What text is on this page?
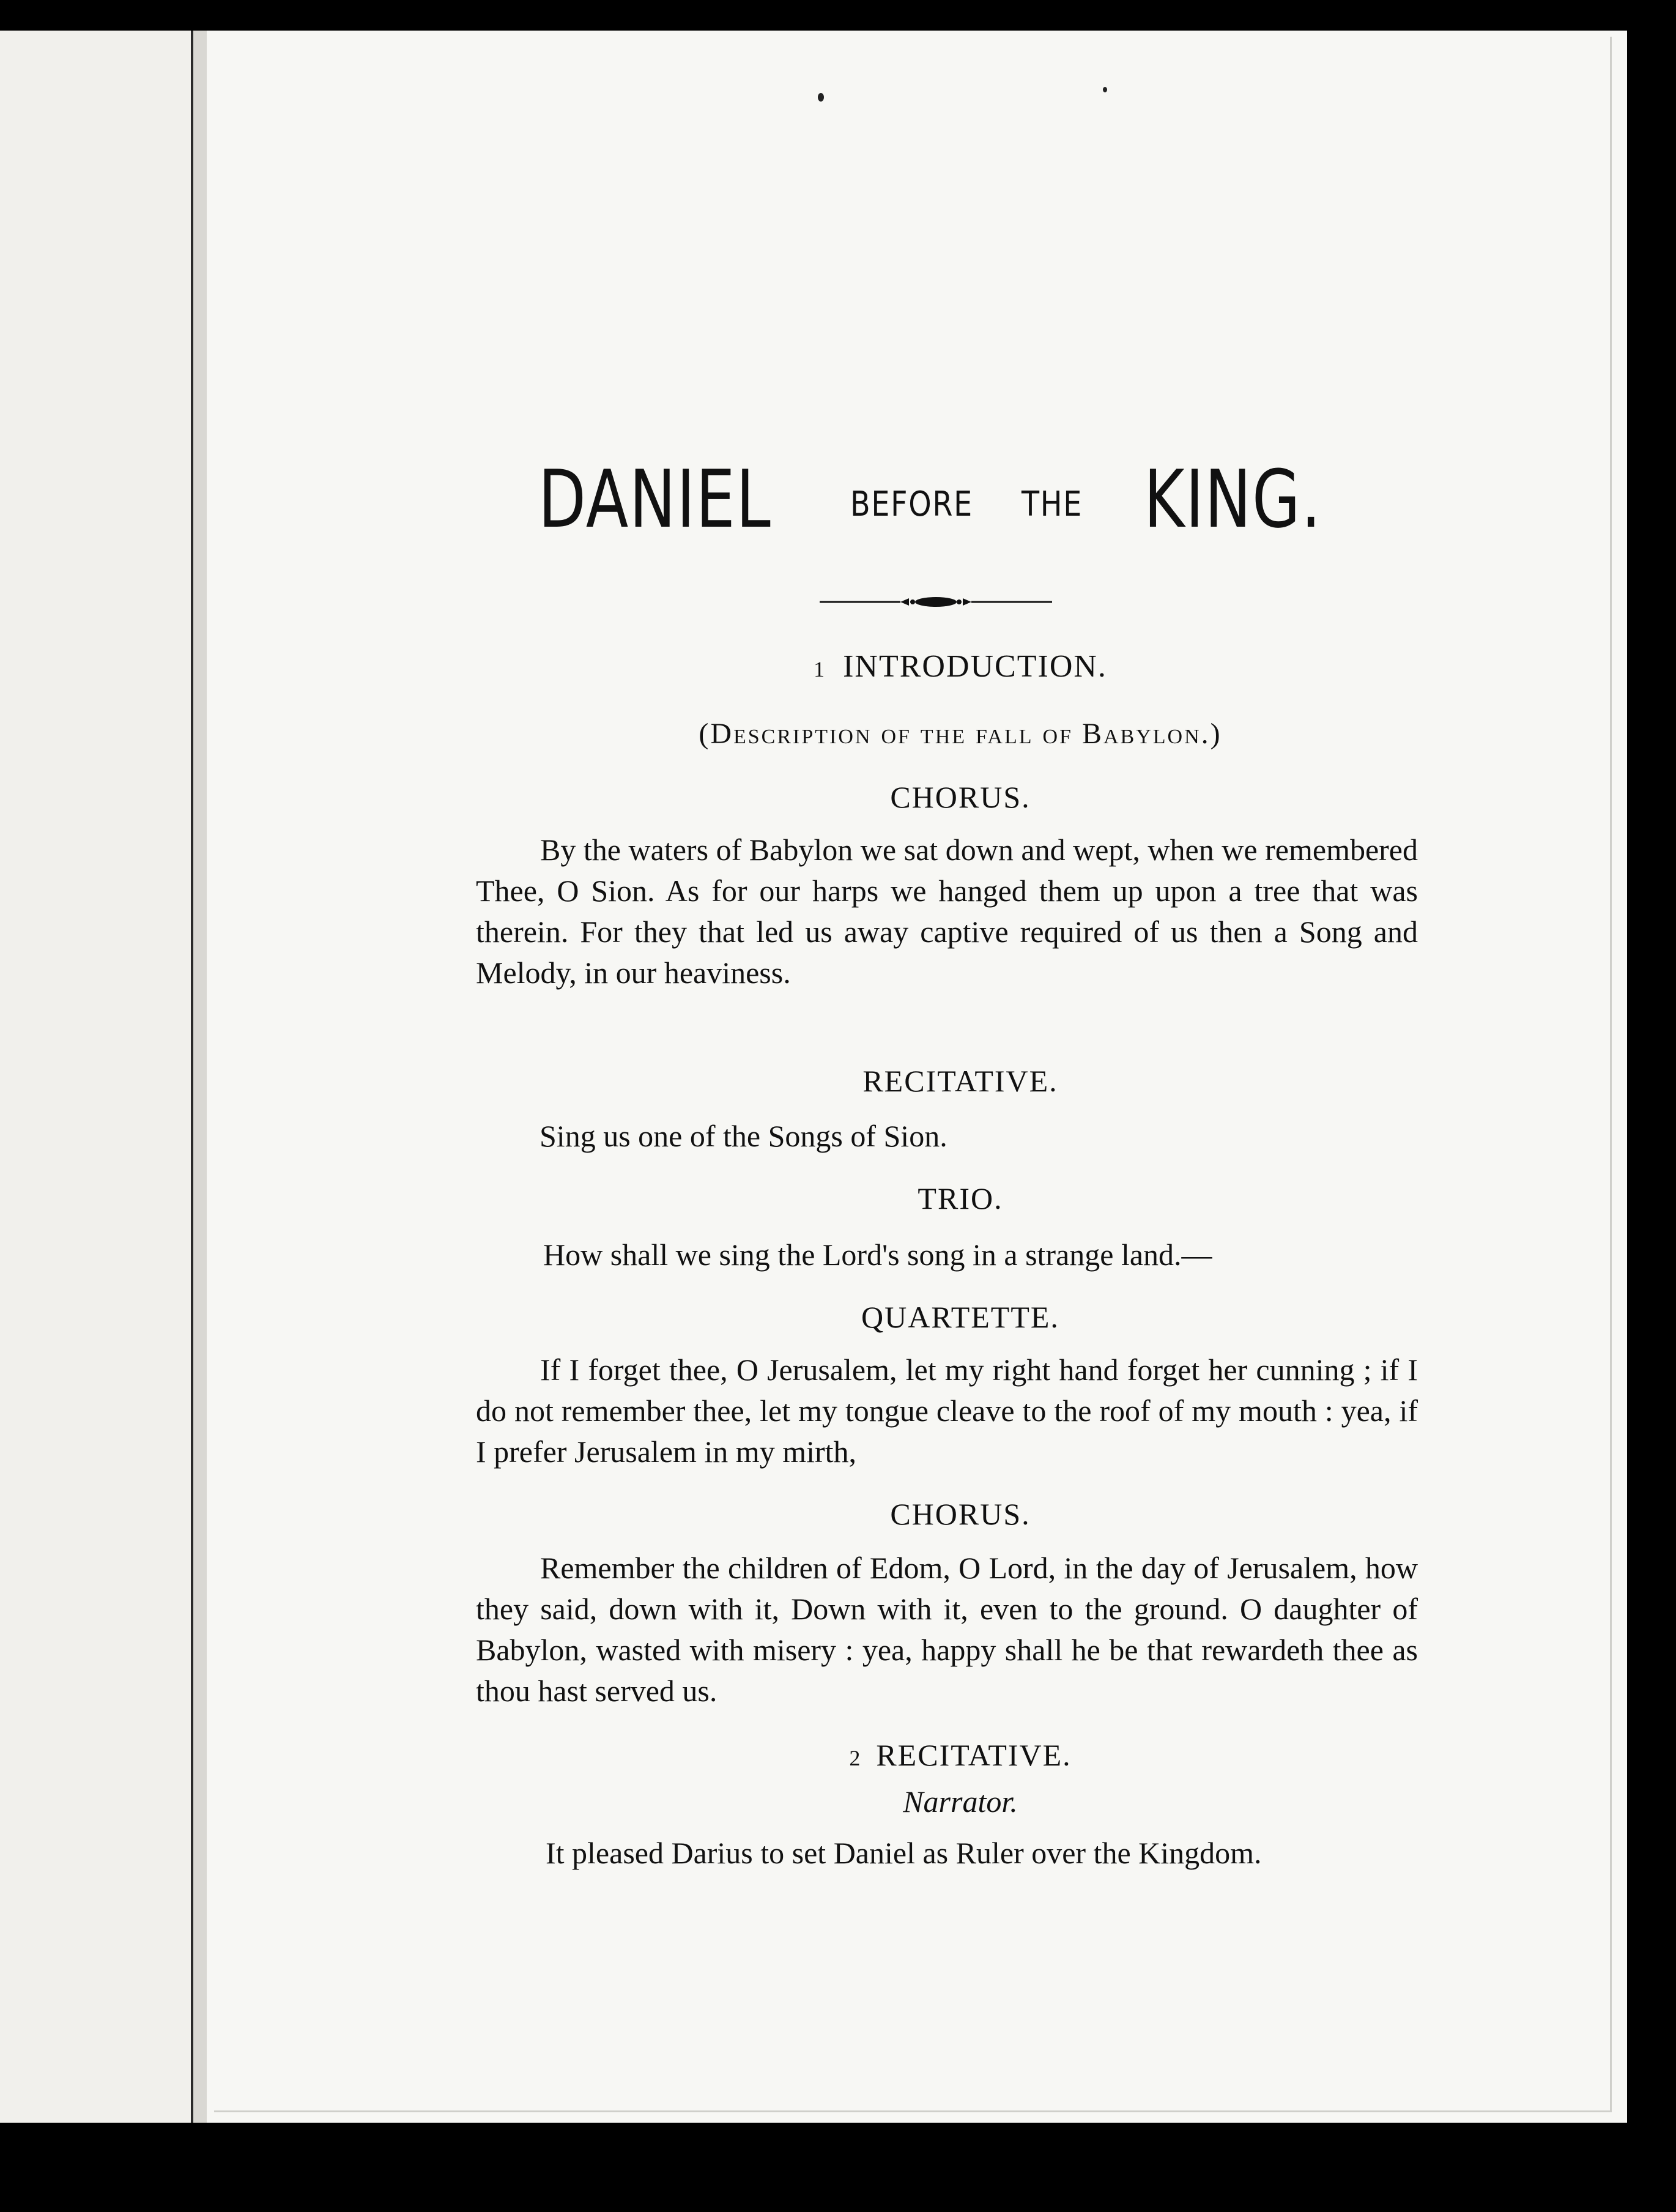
DANIEL BEFORE THE KING.
1 INTRODUCTION.
(Description of the fall of Babylon.)
CHORUS.
By the waters of Babylon we sat down and wept, when we remembered Thee, O Sion. As for our harps we hanged them up upon a tree that was therein. For they that led us away captive required of us then a Song and Melody, in our heaviness.
RECITATIVE.
Sing us one of the Songs of Sion.
TRIO.
How shall we sing the Lord's song in a strange land.—
QUARTETTE.
If I forget thee, O Jerusalem, let my right hand forget her cunning ; if I do not remember thee, let my tongue cleave to the roof of my mouth : yea, if I prefer Jerusalem in my mirth,
CHORUS.
Remember the children of Edom, O Lord, in the day of Jerusalem, how they said, down with it, Down with it, even to the ground. O daughter of Babylon, wasted with misery : yea, happy shall he be that rewardeth thee as thou hast served us.
2 RECITATIVE.
Narrator.
It pleased Darius to set Daniel as Ruler over the Kingdom.
